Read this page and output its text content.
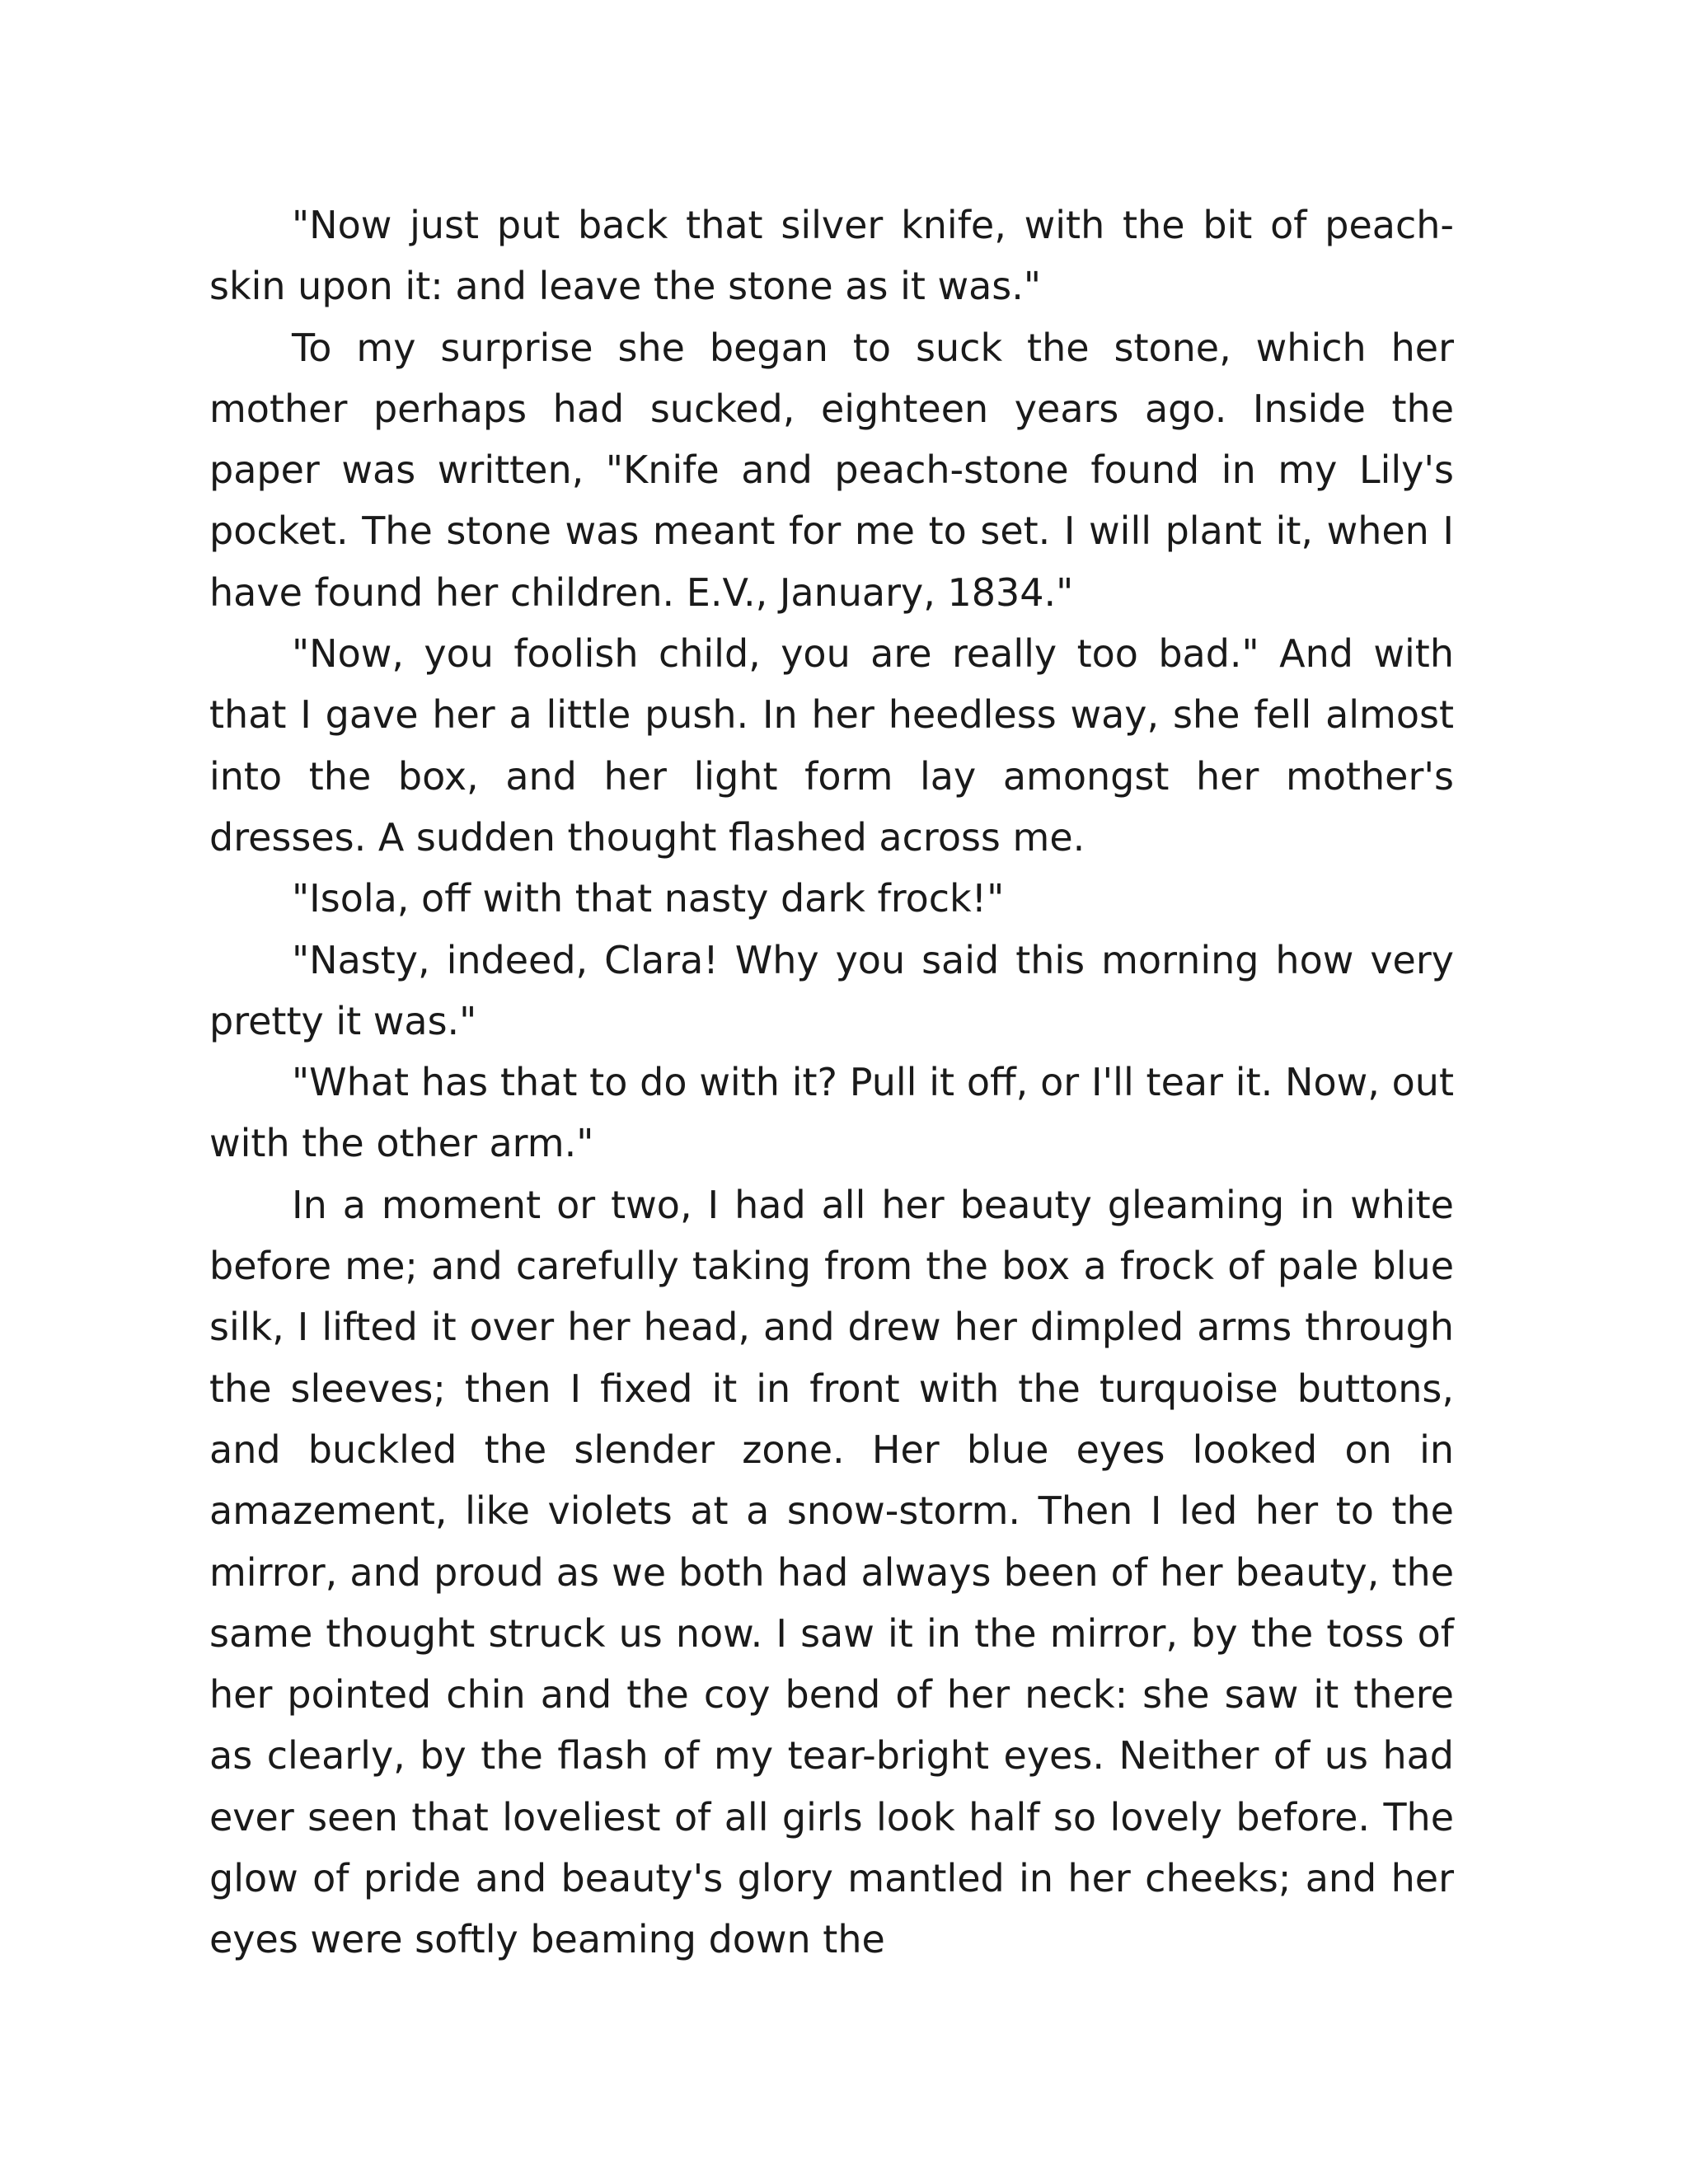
"Now just put back that silver knife, with the bit of peach-skin upon it: and leave the stone as it was."

To my surprise she began to suck the stone, which her mother perhaps had sucked, eighteen years ago. Inside the paper was written, "Knife and peach-stone found in my Lily's pocket. The stone was meant for me to set. I will plant it, when I have found her children. E.V., January, 1834."

"Now, you foolish child, you are really too bad." And with that I gave her a little push. In her heedless way, she fell almost into the box, and her light form lay amongst her mother's dresses. A sudden thought flashed across me.

"Isola, off with that nasty dark frock!"

"Nasty, indeed, Clara! Why you said this morning how very pretty it was."

"What has that to do with it? Pull it off, or I'll tear it. Now, out with the other arm."

In a moment or two, I had all her beauty gleaming in white before me; and carefully taking from the box a frock of pale blue silk, I lifted it over her head, and drew her dimpled arms through the sleeves; then I fixed it in front with the turquoise buttons, and buckled the slender zone. Her blue eyes looked on in amazement, like violets at a snow-storm. Then I led her to the mirror, and proud as we both had always been of her beauty, the same thought struck us now. I saw it in the mirror, by the toss of her pointed chin and the coy bend of her neck: she saw it there as clearly, by the flash of my tear-bright eyes. Neither of us had ever seen that loveliest of all girls look half so lovely before. The glow of pride and beauty's glory mantled in her cheeks; and her eyes were softly beaming down the
